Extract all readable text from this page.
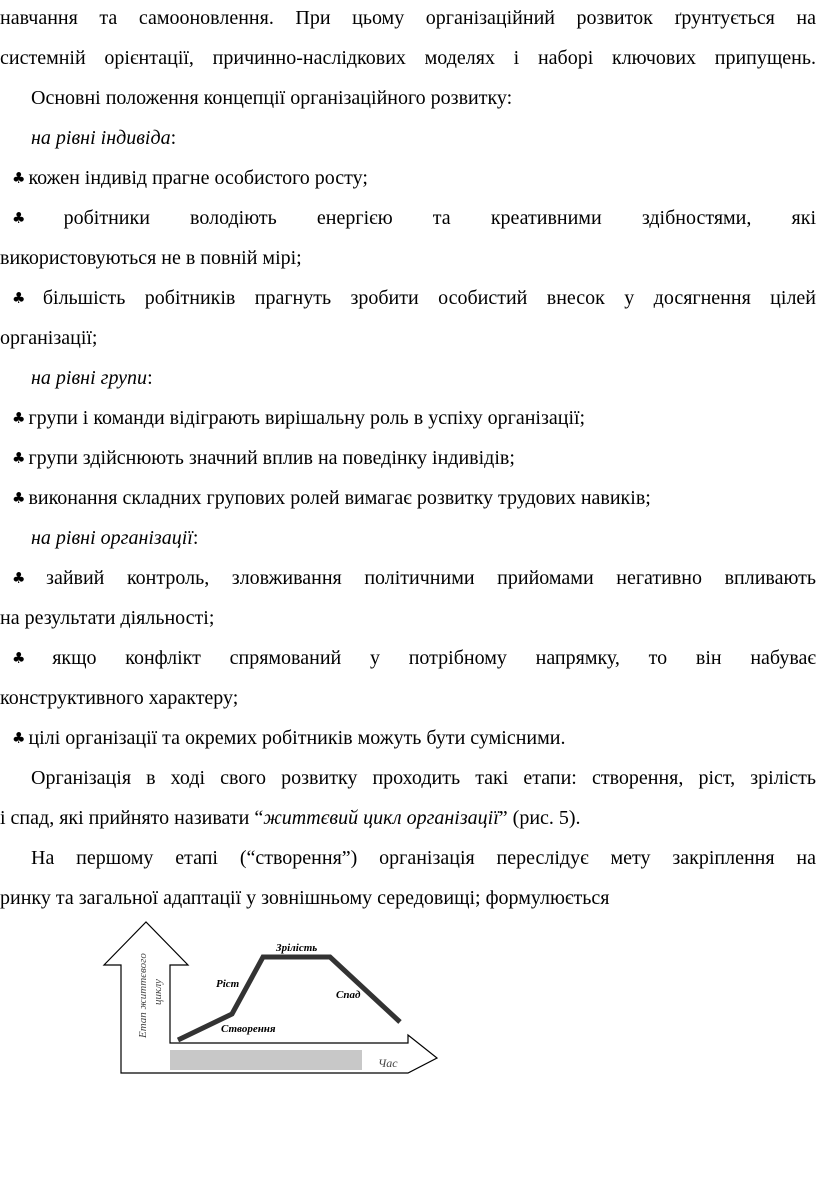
навчання та самооновлення. При цьому організаційний розвиток ґрунтується на
системній орієнтації, причинно-наслідкових моделях і наборі ключових припущень.
Основні положення концепції організаційного розвитку:
на рівні індивіда:
♣ кожен індивід прагне особистого росту;
♣ робітники володіють енергією та креативними здібностями, які
використовуються не в повній мірі;
♣ більшість робітників прагнуть зробити особистий внесок у досягнення цілей
організації;
на рівні групи:
♣ групи і команди відіграють вирішальну роль в успіху організації;
♣ групи здійснюють значний вплив на поведінку індивідів;
♣ виконання складних групових ролей вимагає розвитку трудових навиків;
на рівні організації:
♣ зайвий контроль, зловживання політичними прийомами негативно впливають
на результати діяльності;
♣ якщо конфлікт спрямований у потрібному напрямку, то він набуває
конструктивного характеру;
♣ цілі організації та окремих робітників можуть бути сумісними.
Організація в ході свого розвитку проходить такі етапи: створення, ріст, зрілість
і спад, які прийнято називати “життєвий цикл організації” (рис. 5).
На першому етапі (“створення”) організація переслідує мету закріплення на
ринку та загальної адаптації у зовнішньому середовищі; формулюється
Етап життєвого циклу
Створення
Ріст
Зрілість
Спад
Час
